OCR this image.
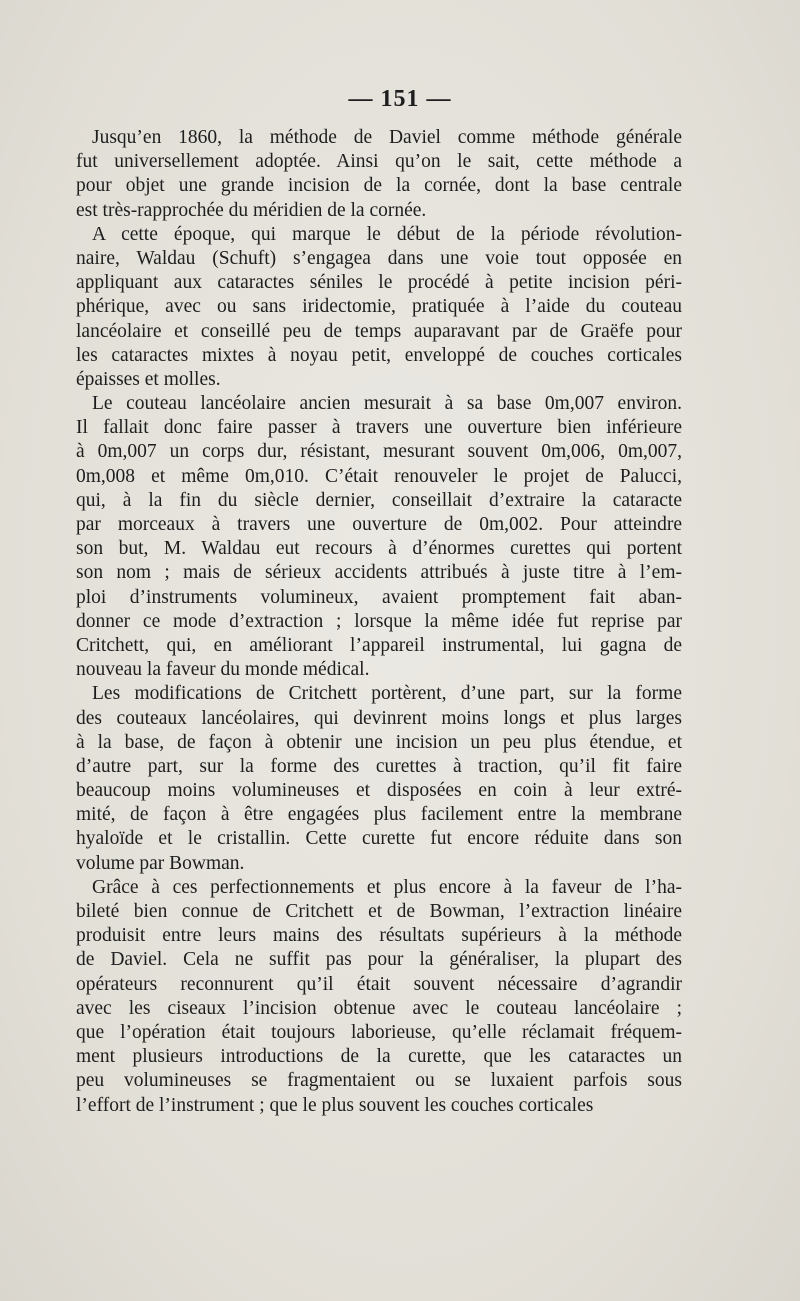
— 151 —
Jusqu’en 1860, la méthode de Daviel comme méthode générale
fut universellement adoptée. Ainsi qu’on le sait, cette méthode a
pour objet une grande incision de la cornée, dont la base centrale
est très-rapprochée du méridien de la cornée.
A cette époque, qui marque le début de la période révolution-
naire, Waldau (Schuft) s’engagea dans une voie tout opposée en
appliquant aux cataractes séniles le procédé à petite incision péri-
phérique, avec ou sans iridectomie, pratiquée à l’aide du couteau
lancéolaire et conseillé peu de temps auparavant par de Graëfe pour
les cataractes mixtes à noyau petit, enveloppé de couches corticales
épaisses et molles.
Le couteau lancéolaire ancien mesurait à sa base 0m,007 environ.
Il fallait donc faire passer à travers une ouverture bien inférieure
à 0m,007 un corps dur, résistant, mesurant souvent 0m,006, 0m,007,
0m,008 et même 0m,010. C’était renouveler le projet de Palucci,
qui, à la fin du siècle dernier, conseillait d’extraire la cataracte
par morceaux à travers une ouverture de 0m,002. Pour atteindre
son but, M. Waldau eut recours à d’énormes curettes qui portent
son nom ; mais de sérieux accidents attribués à juste titre à l’em-
ploi d’instruments volumineux, avaient promptement fait aban-
donner ce mode d’extraction ; lorsque la même idée fut reprise par
Critchett, qui, en améliorant l’appareil instrumental, lui gagna de
nouveau la faveur du monde médical.
Les modifications de Critchett portèrent, d’une part, sur la forme
des couteaux lancéolaires, qui devinrent moins longs et plus larges
à la base, de façon à obtenir une incision un peu plus étendue, et
d’autre part, sur la forme des curettes à traction, qu’il fit faire
beaucoup moins volumineuses et disposées en coin à leur extré-
mité, de façon à être engagées plus facilement entre la membrane
hyaloïde et le cristallin. Cette curette fut encore réduite dans son
volume par Bowman.
Grâce à ces perfectionnements et plus encore à la faveur de l’ha-
bileté bien connue de Critchett et de Bowman, l’extraction linéaire
produisit entre leurs mains des résultats supérieurs à la méthode
de Daviel. Cela ne suffit pas pour la généraliser, la plupart des
opérateurs reconnurent qu’il était souvent nécessaire d’agrandir
avec les ciseaux l’incision obtenue avec le couteau lancéolaire ;
que l’opération était toujours laborieuse, qu’elle réclamait fréquem-
ment plusieurs introductions de la curette, que les cataractes un
peu volumineuses se fragmentaient ou se luxaient parfois sous
l’effort de l’instrument ; que le plus souvent les couches corticales
